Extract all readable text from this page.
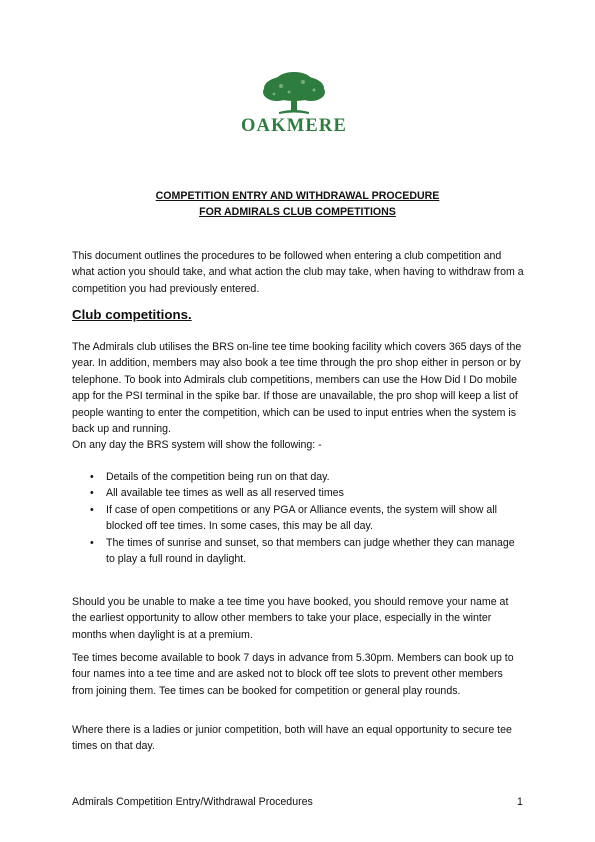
OAKMERE
COMPETITION ENTRY AND WITHDRAWAL PROCEDURE
FOR ADMIRALS CLUB COMPETITIONS

This document outlines the procedures to be followed when entering a club competition and what action you should take, and what action the club may take, when having to withdraw from a competition you had previously entered.

Club competitions.

The Admirals club utilises the BRS on-line tee time booking facility which covers 365 days of the year. In addition, members may also book a tee time through the pro shop either in person or by telephone. To book into Admirals club competitions, members can use the How Did I Do mobile app for the PSI terminal in the spike bar. If those are unavailable, the pro shop will keep a list of people wanting to enter the competition, which can be used to input entries when the system is back up and running.

On any day the BRS system will show the following: -

• Details of the competition being run on that day.
• All available tee times as well as all reserved times
• If case of open competitions or any PGA or Alliance events, the system will show all blocked off tee times. In some cases, this may be all day.
• The times of sunrise and sunset, so that members can judge whether they can manage to play a full round in daylight.

Should you be unable to make a tee time you have booked, you should remove your name at the earliest opportunity to allow other members to take your place, especially in the winter months when daylight is at a premium.

Tee times become available to book 7 days in advance from 5.30pm. Members can book up to four names into a tee time and are asked not to block off tee slots to prevent other members from joining them. Tee times can be booked for competition or general play rounds.

Where there is a ladies or junior competition, both will have an equal opportunity to secure tee times on that day.

Admirals Competition Entry/Withdrawal Procedures	1
